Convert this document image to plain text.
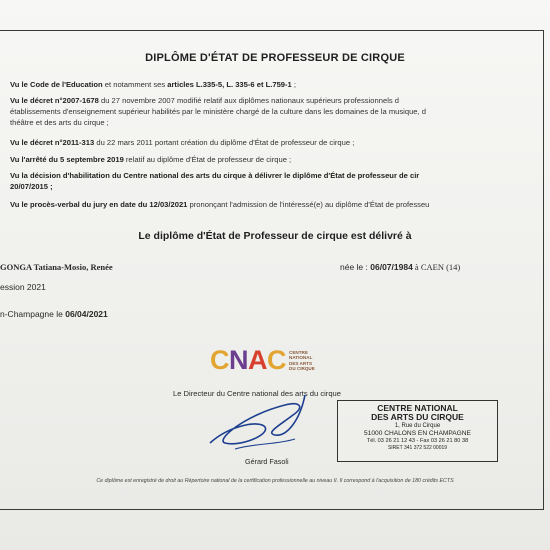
DIPLÔME D'ÉTAT DE PROFESSEUR DE CIRQUE
Vu le Code de l'Education et notamment ses articles L.335-5, L. 335-6 et L.759-1 ;
Vu le décret n°2007-1678 du 27 novembre 2007 modifié relatif aux diplômes nationaux supérieurs professionnels d
établissements d'enseignement supérieur habilités par le ministère chargé de la culture dans les domaines de la musique, d
théâtre et des arts du cirque ;
Vu le décret n°2011-313 du 22 mars 2011 portant création du diplôme d'État de professeur de cirque ;
Vu l'arrêté du 5 septembre 2019 relatif au diplôme d'État de professeur de cirque ;
Vu la décision d'habilitation du Centre national des arts du cirque à délivrer le diplôme d'État de professeur de cir
20/07/2015 ;
Vu le procès-verbal du jury en date du 12/03/2021 prononçant l'admission de l'intéressé(e) au diplôme d'État de professeu
Le diplôme d'État de Professeur de cirque est délivré à
GONGA Tatiana-Mosio, Renée	née le : 06/07/1984 à CAEN (14)
ession 2021
n-Champagne le 06/04/2021
C N A C CENTRE
NATIONAL
DES ARTS
DU CIRQUE
Le Directeur du Centre national des arts du cirque
Gérard Fasoli
CENTRE NATIONAL
DES ARTS DU CIRQUE
1, Rue du Cirque
51000 CHALONS EN CHAMPAGNE
Tél. 03 26 21 12 43 - Fax 03 26 21 80 38
SIRET 341 372 522 00019
Ce diplôme est enregistré de droit au Répertoire national de la certification professionnelle au niveau II. Il correspond à l'acquisition de 180 crédits ECTS
